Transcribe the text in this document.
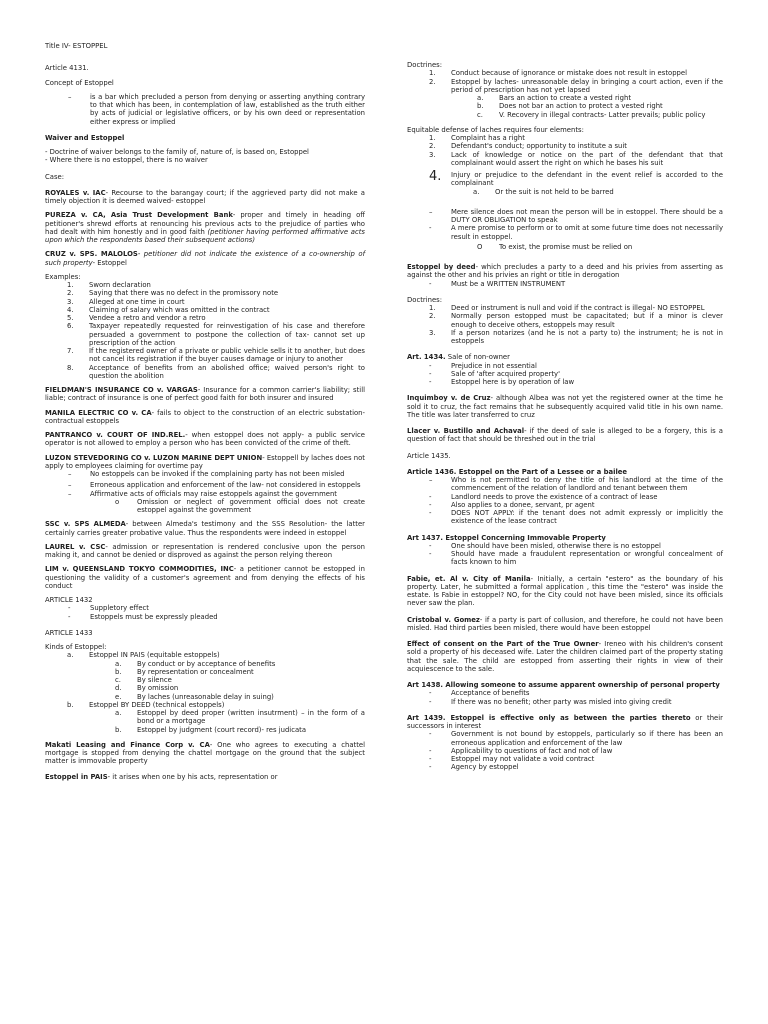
Title IV- ESTOPPEL
Article 4131.
Concept of Estoppel
–	is a bar which precluded a person from denying or asserting anything contrary to that which has been, in contemplation of law, established as the truth either by acts of judicial or legislative officers, or by his own deed or representation either express or implied
Waiver and Estoppel
- Doctrine of waiver belongs to the family of, nature of, is based on, Estoppel
- Where there is no estoppel, there is no waiver
Case:
ROYALES v. IAC- Recourse to the barangay court; if the aggrieved party did not make a timely objection it is deemed waived- estoppel
PUREZA v. CA, Asia Trust Development Bank- proper and timely in heading off petitioner's shrewd efforts at renouncing his previous acts to the prejudice of parties who had dealt with him honestly and in good faith (petitioner having performed affirmative acts upon which the respondents based their subsequent actions)
CRUZ v. SPS. MALOLOS- petitioner did not indicate the existence of a co-ownership of such property- Estoppel
Examples:
1.	Sworn declaration
2.	Saying that there was no defect in the promissory note
3.	Alleged at one time in court
4.	Claiming of salary which was omitted in the contract
5.	Vendee a retro and vendor a retro
6.	Taxpayer repeatedly requested for reinvestigation of his case and therefore persuaded a government to postpone the collection of tax- cannot set up prescription of the action
7.	If the registered owner of a private or public vehicle sells it to another, but does not cancel its registration if the buyer causes damage or injury to another
8.	Acceptance of benefits from an abolished office; waived person's right to question the abolition
FIELDMAN'S INSURANCE CO v. VARGAS- Insurance for a common carrier's liability; still liable; contract of insurance is one of perfect good faith for both insurer and insured
MANILA ELECTRIC CO v. CA- fails to object to the construction of an electric substation- contractual estoppels
PANTRANCO v. COURT OF IND.REL.- when estoppel does not apply- a public service operator is not allowed to employ a person who has been convicted of the crime of theft.
LUZON STEVEDORING CO v. LUZON MARINE DEPT UNION- Estoppell by laches does not apply to employees claiming for overtime pay
–	No estoppels can be invoked if the complaining party has not been misled
–	Erroneous application and enforcement of the law- not considered in estoppels
–	Affirmative acts of officials may raise estoppels against the government
o	Omission or neglect of government official does not create estoppel against the government
SSC v. SPS ALMEDA- between Almeda's testimony and the SSS Resolution- the latter certainly carries greater probative value. Thus the respondents were indeed in estoppel
LAUREL v. CSC- admission or representation is rendered conclusive upon the person making it, and cannot be denied or disproved as against the person relying thereon
LIM v. QUEENSLAND TOKYO COMMODITIES, INC- a petitioner cannot be estopped in questioning the validity of a customer's agreement and from denying the effects of his conduct
ARTICLE 1432
-	Suppletory effect
-	Estoppels must be expressly pleaded
ARTICLE 1433
Kinds of Estoppel:
a.	Estoppel IN PAIS (equitable estoppels)
a.	By conduct or by acceptance of benefits
b.	By representation or concealment
c.	By silence
d.	By omission
e.	By laches (unreasonable delay in suing)
b.	Estoppel BY DEED (technical estoppels)
a.	Estoppel by deed proper (written insutrment) – in the form of a bond or a mortgage
b.	Estoppel by judgment (court record)- res judicata
Makati Leasing and Finance Corp v. CA- One who agrees to executing a chattel mortgage is stopped from denying the chattel mortgage on the ground that the subject matter is immovable property
Estoppel in PAIS- it arises when one by his acts, representation or
Doctrines:
1.	Conduct because of ignorance or mistake does not result in estoppel
2.	Estoppel by laches- unreasonable delay in bringing a court action, even if the period of prescription has not yet lapsed
a.	Bars an action to create a vested right
b.	Does not bar an action to protect a vested right
c.	V. Recovery in illegal contracts- Latter prevails; public policy
Equitable defense of laches requires four elements:
1.	Complaint has a right
2.	Defendant's conduct; opportunity to institute a suit
3.	Lack of knowledge or notice on the part of the defendant that that complainant would assert the right on which he bases his suit
4.	Injury or prejudice to the defendant in the event relief is accorded to the complainant
a.	Or the suit is not held to be barred
–	Mere silence does not mean the person will be in estoppel. There should be a DUTY OR OBLIGATION to speak
-	A mere promise to perform or to omit at some future time does not necessarily result in estoppel.
O	To exist, the promise must be relied on
Estoppel by deed- which precludes a party to a deed and his privies from asserting as against the other and his privies an right or title in derogation
-	Must be a WRITTEN INSTRUMENT
Doctrines:
1.	Deed or instrument is null and void if the contract is illegal- NO ESTOPPEL
2.	Normally person estopped must be capacitated; but if a minor is clever enough to deceive others, estoppels may result
3.	If a person notarizes (and he is not a party to) the instrument; he is not in estoppels
Art. 1434. Sale of non-owner
-	Prejudice in not essential
-	Sale of 'after acquired property'
-	Estoppel here is by operation of law
Inquimboy v. de Cruz- although Albea was not yet the registered owner at the time he sold it to cruz, the fact remains that he subsequently acquired valid title in his own name. The title was later transferred to cruz
Llacer v. Bustillo and Achaval- if the deed of sale is alleged to be a forgery, this is a question of fact that should be threshed out in the trial
Article 1435.
Article 1436. Estoppel on the Part of a Lessee or a bailee
–	Who is not permitted to deny the title of his landlord at the time of the commencement of the relation of landlord and tenant between them
-	Landlord needs to prove the existence of a contract of lease
-	Also applies to a donee, servant, pr agent
-	DOES NOT APPLY: if the tenant does not admit expressly or implicitly the existence of the lease contract
Art 1437. Estoppel Concerning Immovable Property
-	One should have been misled, otherwise there is no estoppel
-	Should have made a fraudulent representation or wrongful concealment of facts known to him
Fabie, et. Al v. City of Manila- Initially, a certain "estero" as the boundary of his property. Later, he submitted a formal application , this time the "estero" was inside the estate. Is Fabie in estoppel? NO, for the City could not have been misled, since its officials never saw the plan.
Cristobal v. Gomez- if a party is part of collusion, and therefore, he could not have been misled. Had third parties been misled, there would have been estoppel
Effect of consent on the Part of the True Owner- Ireneo with his children's consent sold a property of his deceased wife. Later the children claimed part of the property stating that the sale. The child are estopped from asserting their rights in view of their acquiescence to the sale.
Art 1438. Allowing someone to assume apparent ownership of personal property
-	Acceptance of benefits
-	If there was no benefit; other party was misled into giving credit
Art 1439. Estoppel is effective only as between the parties thereto or their successors in interest
-	Government is not bound by estoppels, particularly so if there has been an erroneous application and enforcement of the law
-	Applicability to questions of fact and not of law
-	Estoppel may not validate a void contract
-	Agency by estoppel
